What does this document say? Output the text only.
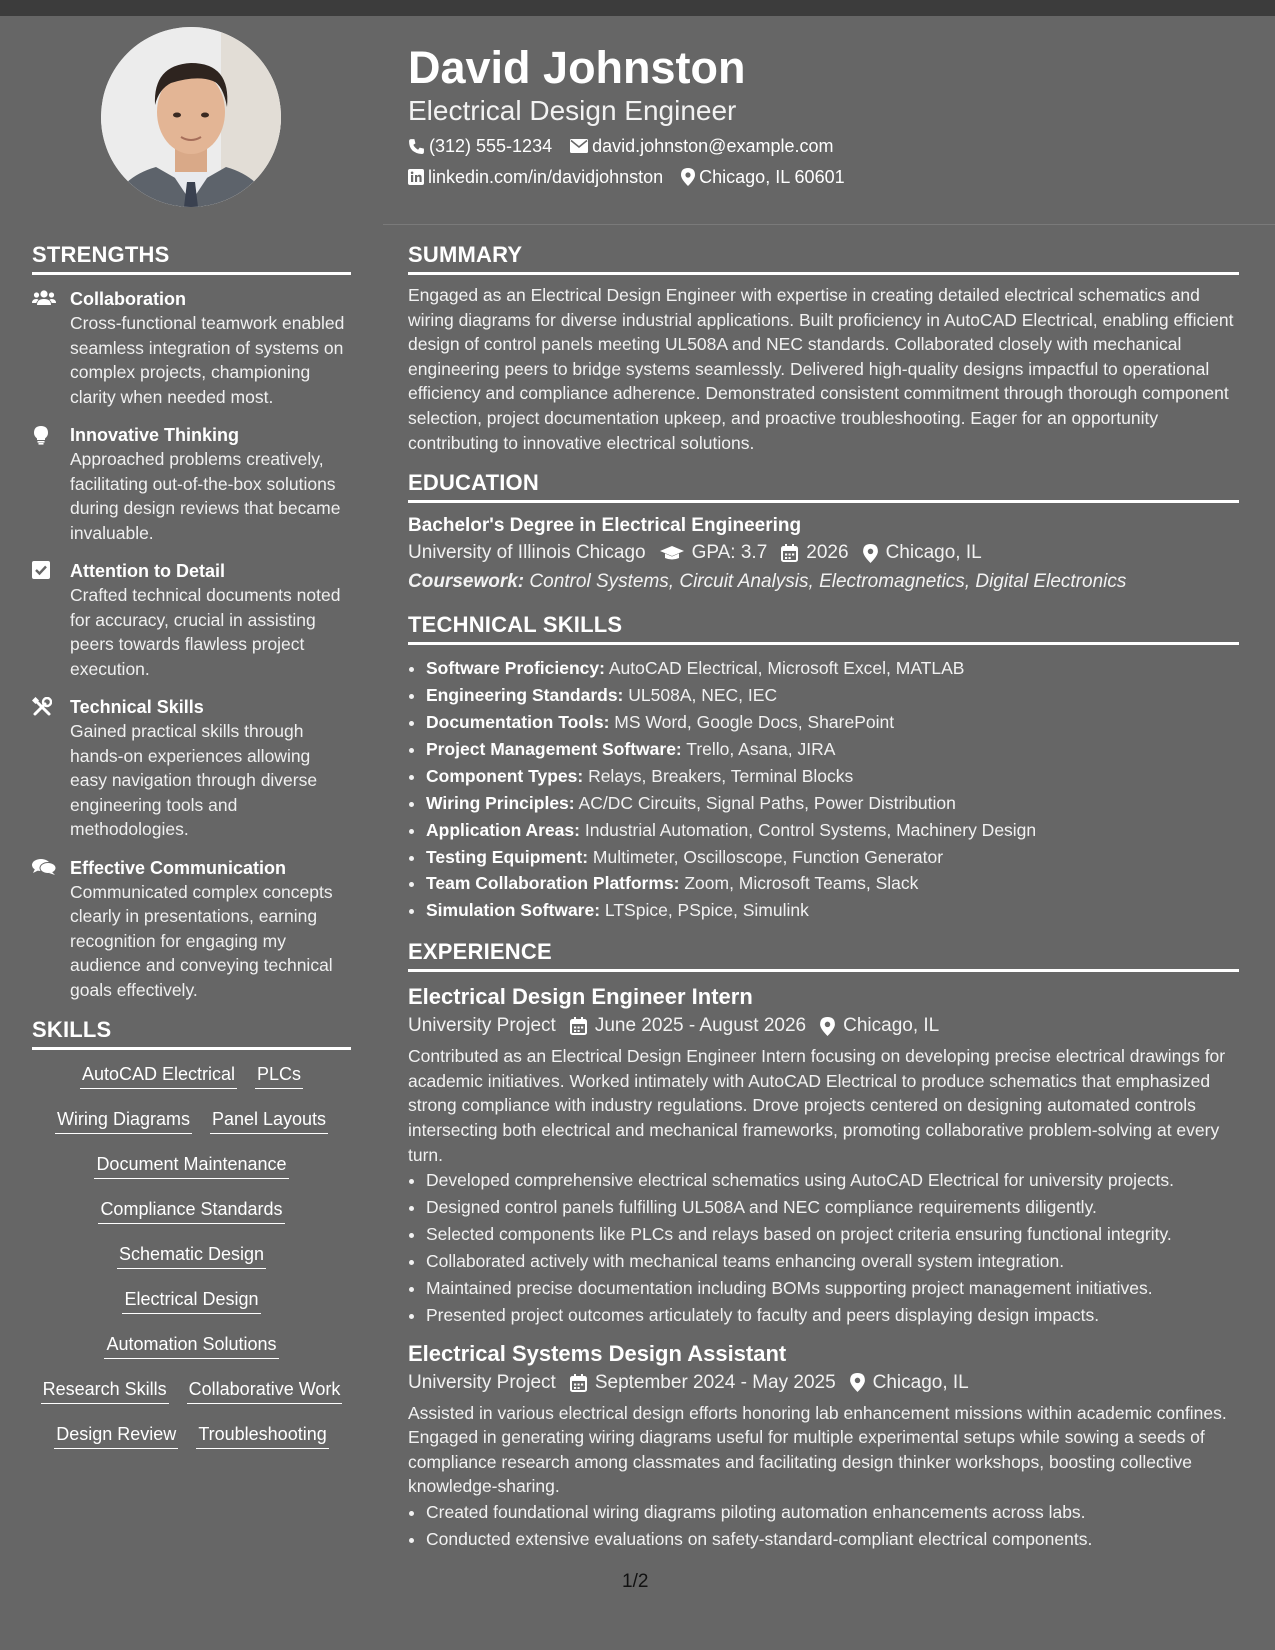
David Johnston
Electrical Design Engineer
(312) 555-1234 david.johnston@example.com
linkedin.com/in/davidjohnston Chicago, IL 60601
STRENGTHS
Collaboration
Cross-functional teamwork enabled seamless integration of systems on complex projects, championing clarity when needed most.
Innovative Thinking
Approached problems creatively, facilitating out-of-the-box solutions during design reviews that became invaluable.
Attention to Detail
Crafted technical documents noted for accuracy, crucial in assisting peers towards flawless project execution.
Technical Skills
Gained practical skills through hands-on experiences allowing easy navigation through diverse engineering tools and methodologies.
Effective Communication
Communicated complex concepts clearly in presentations, earning recognition for engaging my audience and conveying technical goals effectively.
SKILLS
AutoCAD Electrical PLCs
Wiring Diagrams Panel Layouts
Document Maintenance
Compliance Standards
Schematic Design
Electrical Design
Automation Solutions
Research Skills Collaborative Work
Design Review Troubleshooting
SUMMARY
Engaged as an Electrical Design Engineer with expertise in creating detailed electrical schematics and wiring diagrams for diverse industrial applications. Built proficiency in AutoCAD Electrical, enabling efficient design of control panels meeting UL508A and NEC standards. Collaborated closely with mechanical engineering peers to bridge systems seamlessly. Delivered high-quality designs impactful to operational efficiency and compliance adherence. Demonstrated consistent commitment through thorough component selection, project documentation upkeep, and proactive troubleshooting. Eager for an opportunity contributing to innovative electrical solutions.
EDUCATION
Bachelor's Degree in Electrical Engineering
University of Illinois Chicago GPA: 3.7 2026 Chicago, IL
Coursework: Control Systems, Circuit Analysis, Electromagnetics, Digital Electronics
TECHNICAL SKILLS
• Software Proficiency: AutoCAD Electrical, Microsoft Excel, MATLAB
• Engineering Standards: UL508A, NEC, IEC
• Documentation Tools: MS Word, Google Docs, SharePoint
• Project Management Software: Trello, Asana, JIRA
• Component Types: Relays, Breakers, Terminal Blocks
• Wiring Principles: AC/DC Circuits, Signal Paths, Power Distribution
• Application Areas: Industrial Automation, Control Systems, Machinery Design
• Testing Equipment: Multimeter, Oscilloscope, Function Generator
• Team Collaboration Platforms: Zoom, Microsoft Teams, Slack
• Simulation Software: LTSpice, PSpice, Simulink
EXPERIENCE
Electrical Design Engineer Intern
University Project June 2025 - August 2026 Chicago, IL
Contributed as an Electrical Design Engineer Intern focusing on developing precise electrical drawings for academic initiatives. Worked intimately with AutoCAD Electrical to produce schematics that emphasized strong compliance with industry regulations. Drove projects centered on designing automated controls intersecting both electrical and mechanical frameworks, promoting collaborative problem-solving at every turn.
• Developed comprehensive electrical schematics using AutoCAD Electrical for university projects.
• Designed control panels fulfilling UL508A and NEC compliance requirements diligently.
• Selected components like PLCs and relays based on project criteria ensuring functional integrity.
• Collaborated actively with mechanical teams enhancing overall system integration.
• Maintained precise documentation including BOMs supporting project management initiatives.
• Presented project outcomes articulately to faculty and peers displaying design impacts.
Electrical Systems Design Assistant
University Project September 2024 - May 2025 Chicago, IL
Assisted in various electrical design efforts honoring lab enhancement missions within academic confines. Engaged in generating wiring diagrams useful for multiple experimental setups while sowing a seeds of compliance research among classmates and facilitating design thinker workshops, boosting collective knowledge-sharing.
• Created foundational wiring diagrams piloting automation enhancements across labs.
• Conducted extensive evaluations on safety-standard-compliant electrical components.
1/2
